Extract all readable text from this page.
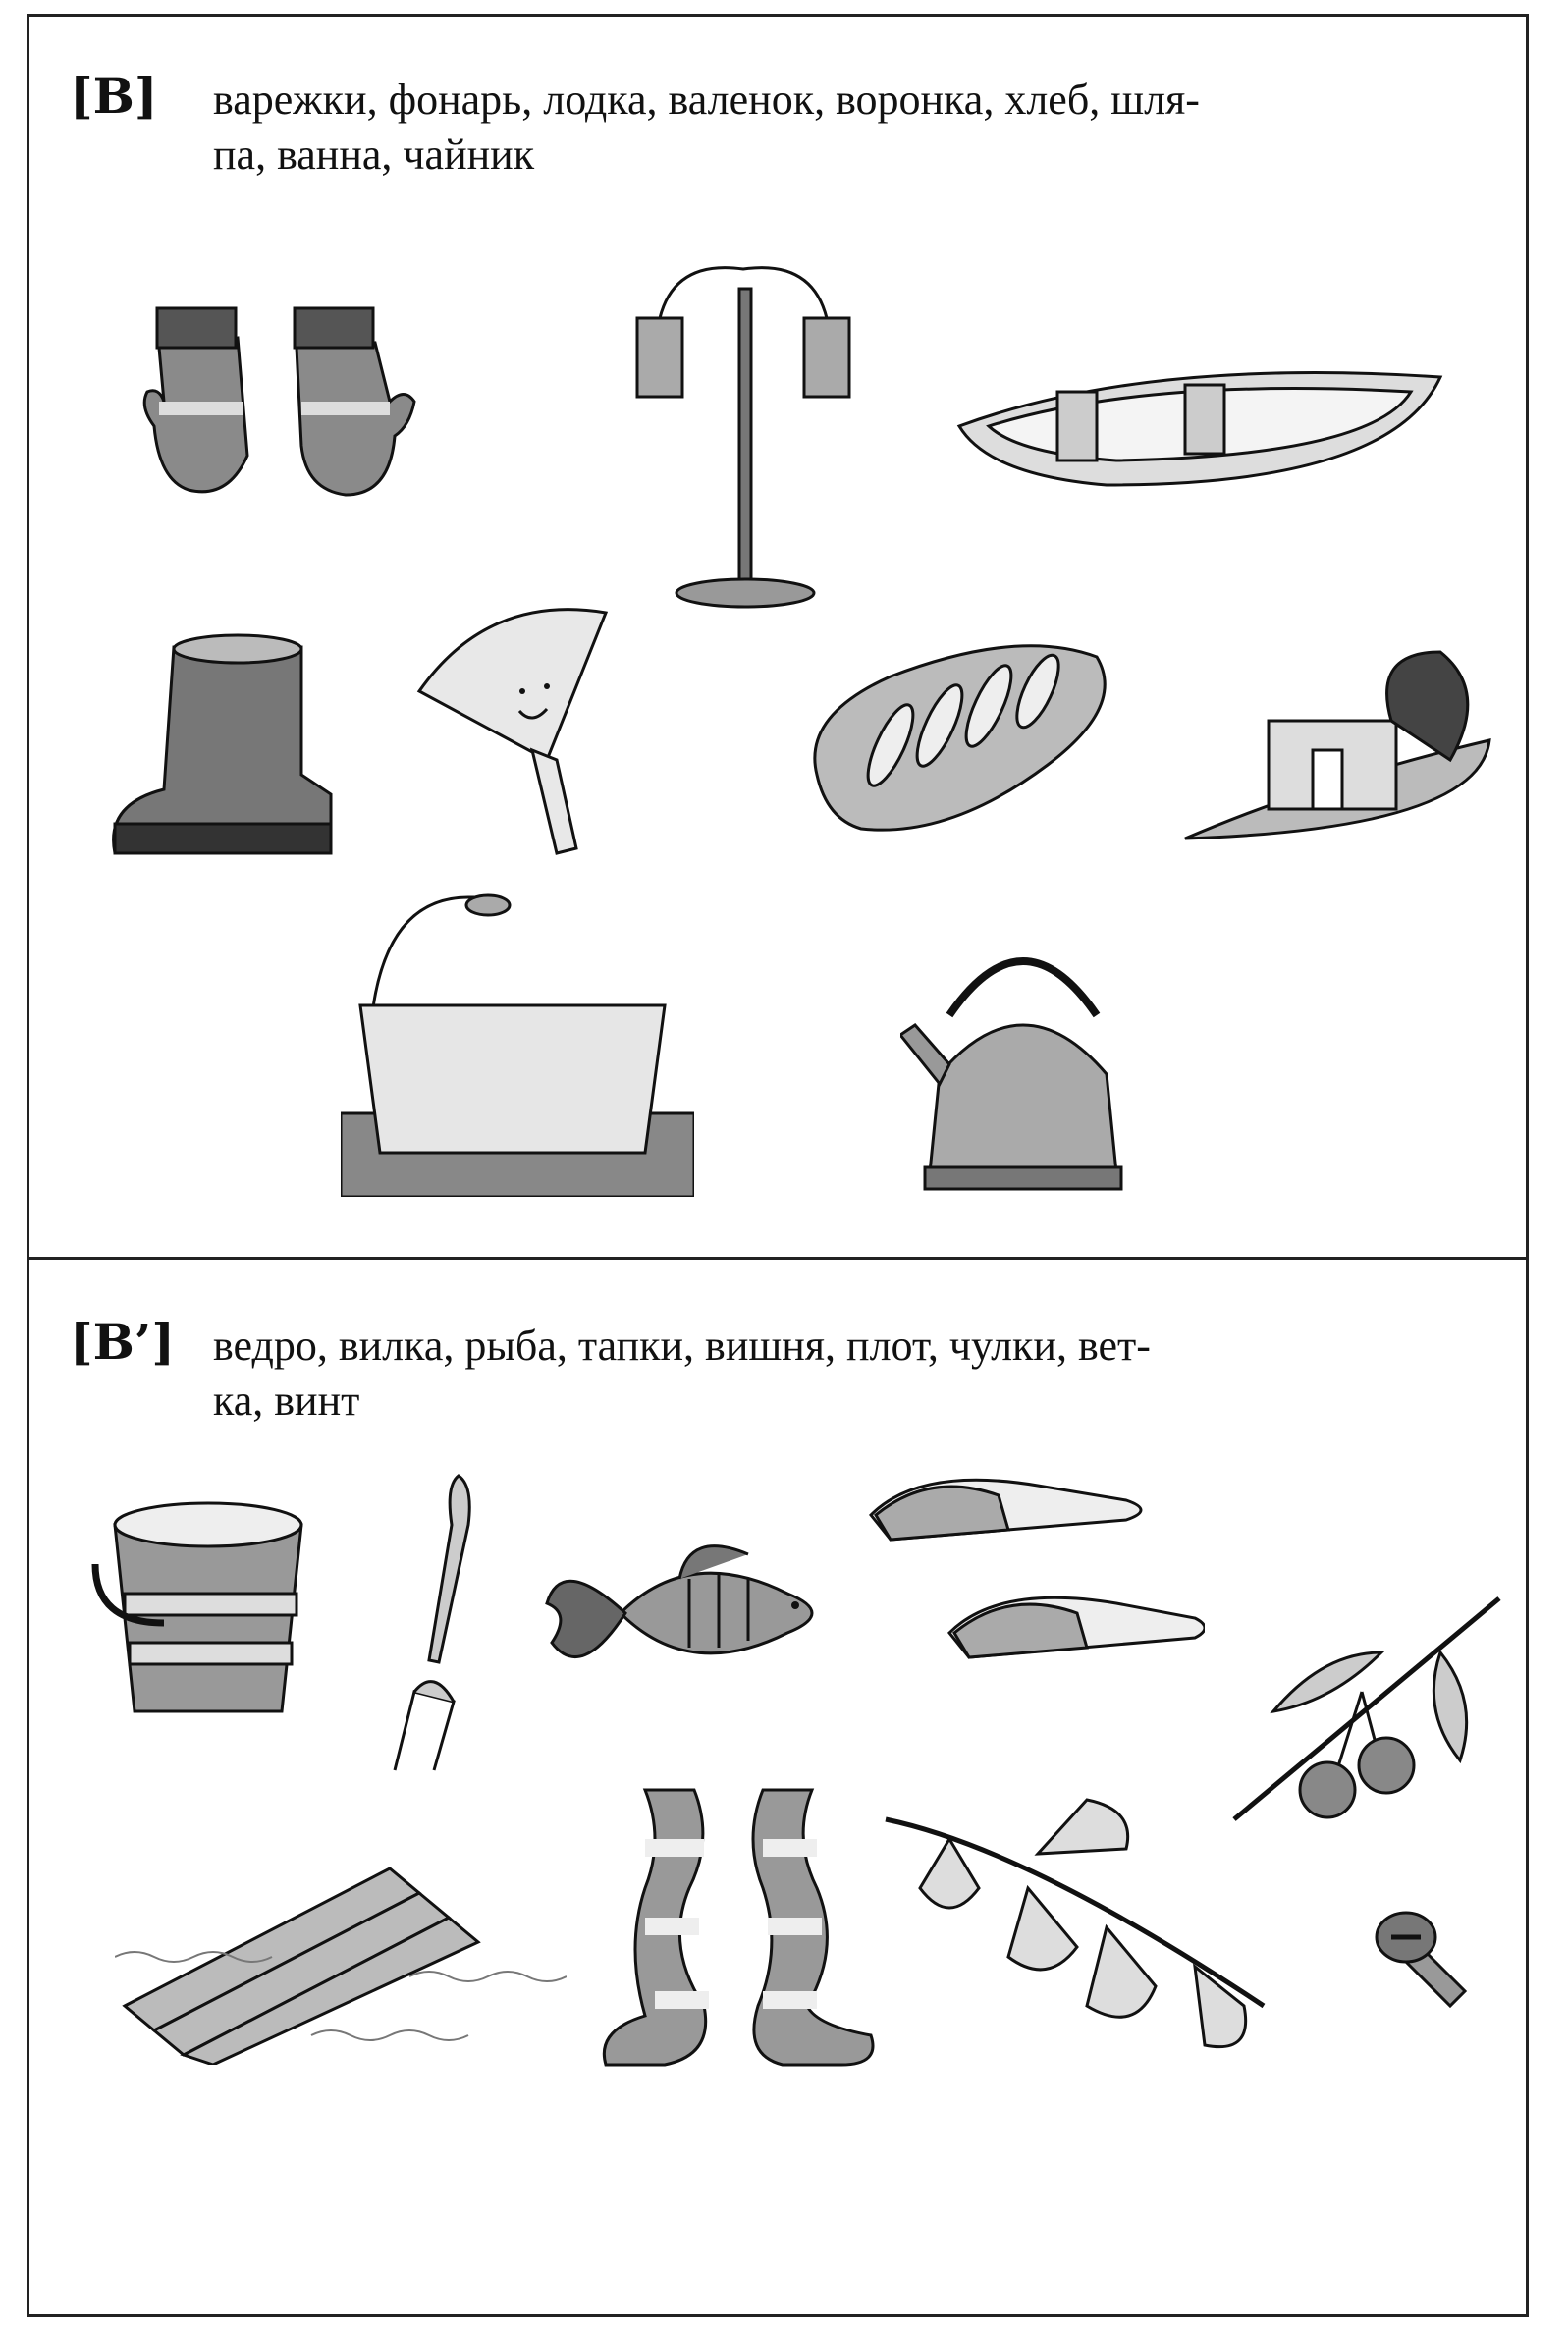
[В] варежки, фонарь, лодка, валенок, воронка, хлеб, шля-
па, ванна, чайник

[В’] ведро, вилка, рыба, тапки, вишня, плот, чулки, вет-
ка, винт
